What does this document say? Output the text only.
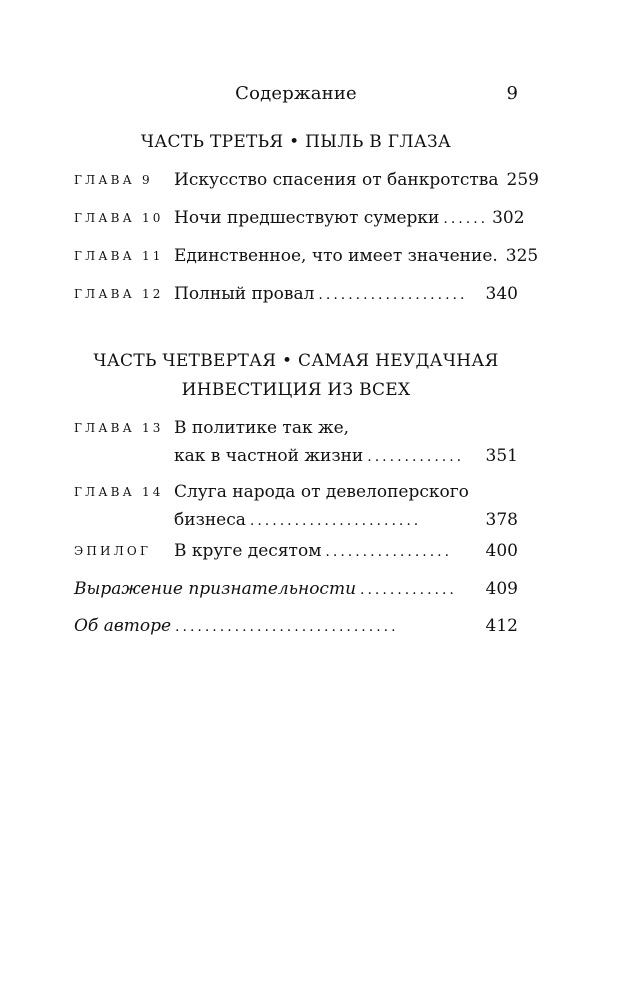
Содержание	9
ЧАСТЬ ТРЕТЬЯ • ПЫЛЬ В ГЛАЗА
ГЛАВА 9 Искусство спасения от банкротства 259
ГЛАВА 10 Ночи предшествуют сумерки ...... 302
ГЛАВА 11 Единственное, что имеет значение. 325
ГЛАВА 12 Полный провал ....................	340
ЧАСТЬ ЧЕТВЕРТАЯ • САМАЯ НЕУДАЧНАЯ
ИНВЕСТИЦИЯ ИЗ ВСЕХ
ГЛАВА 13 В политике так же,
как в частной жизни .............	351
ГЛАВА 14 Слуга народа от девелоперского
бизнеса .......................	378
ЭПИЛОГ В круге десятом .................	400
Выражение признательности .............	409
Об авторе ..............................	412
